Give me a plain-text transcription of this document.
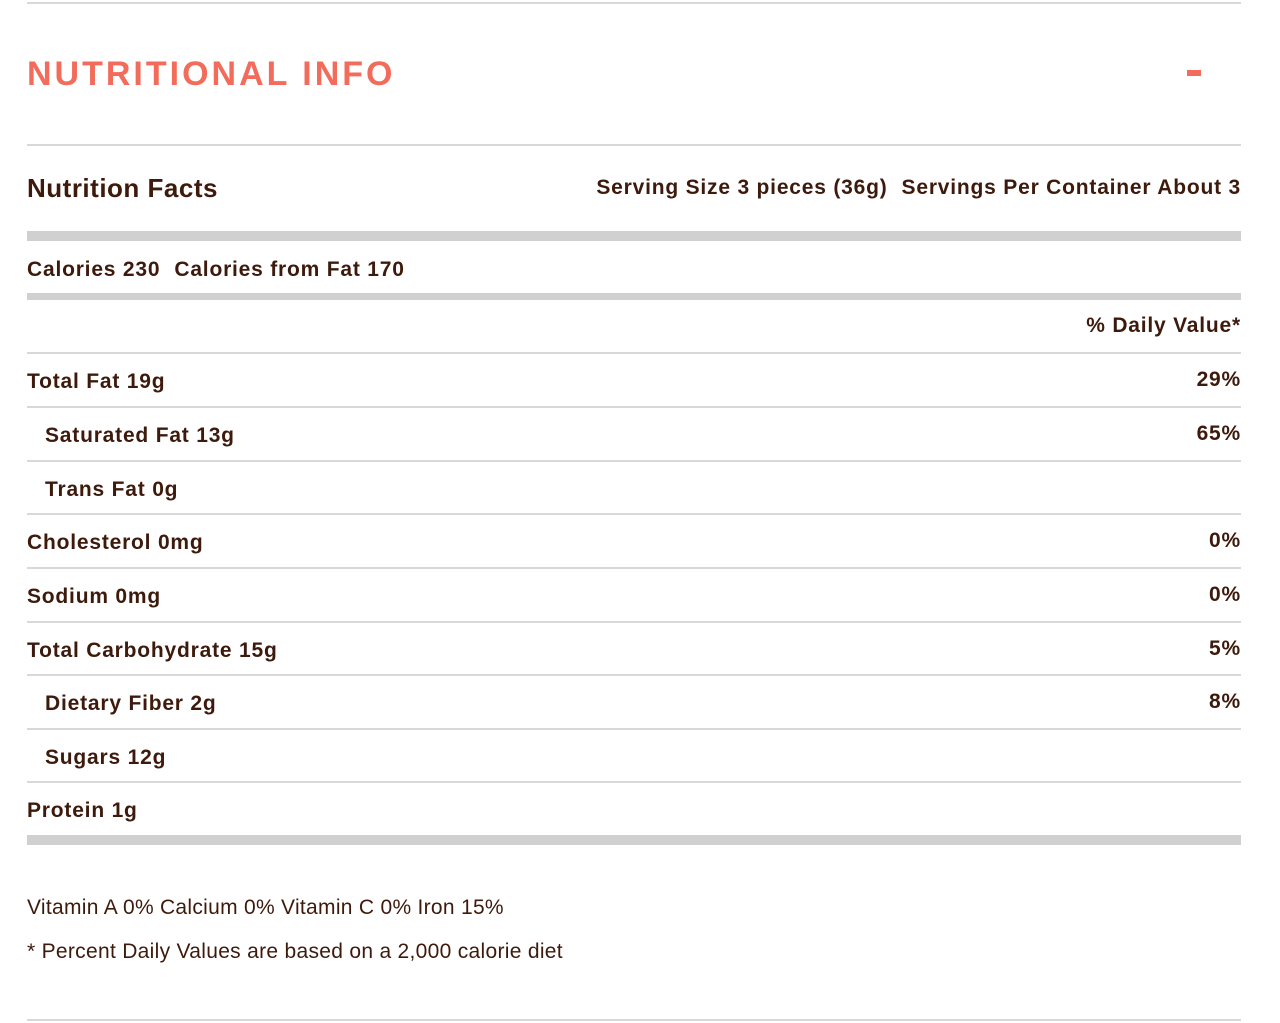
NUTRITIONAL INFO
Nutrition Facts	Serving Size 3 pieces (36g) Servings Per Container About 3
Calories 230 Calories from Fat 170
% Daily Value*
Total Fat 19g	29%
Saturated Fat 13g	65%
Trans Fat 0g
Cholesterol 0mg	0%
Sodium 0mg	0%
Total Carbohydrate 15g	5%
Dietary Fiber 2g	8%
Sugars 12g
Protein 1g
Vitamin A 0% Calcium 0% Vitamin C 0% Iron 15%
* Percent Daily Values are based on a 2,000 calorie diet
